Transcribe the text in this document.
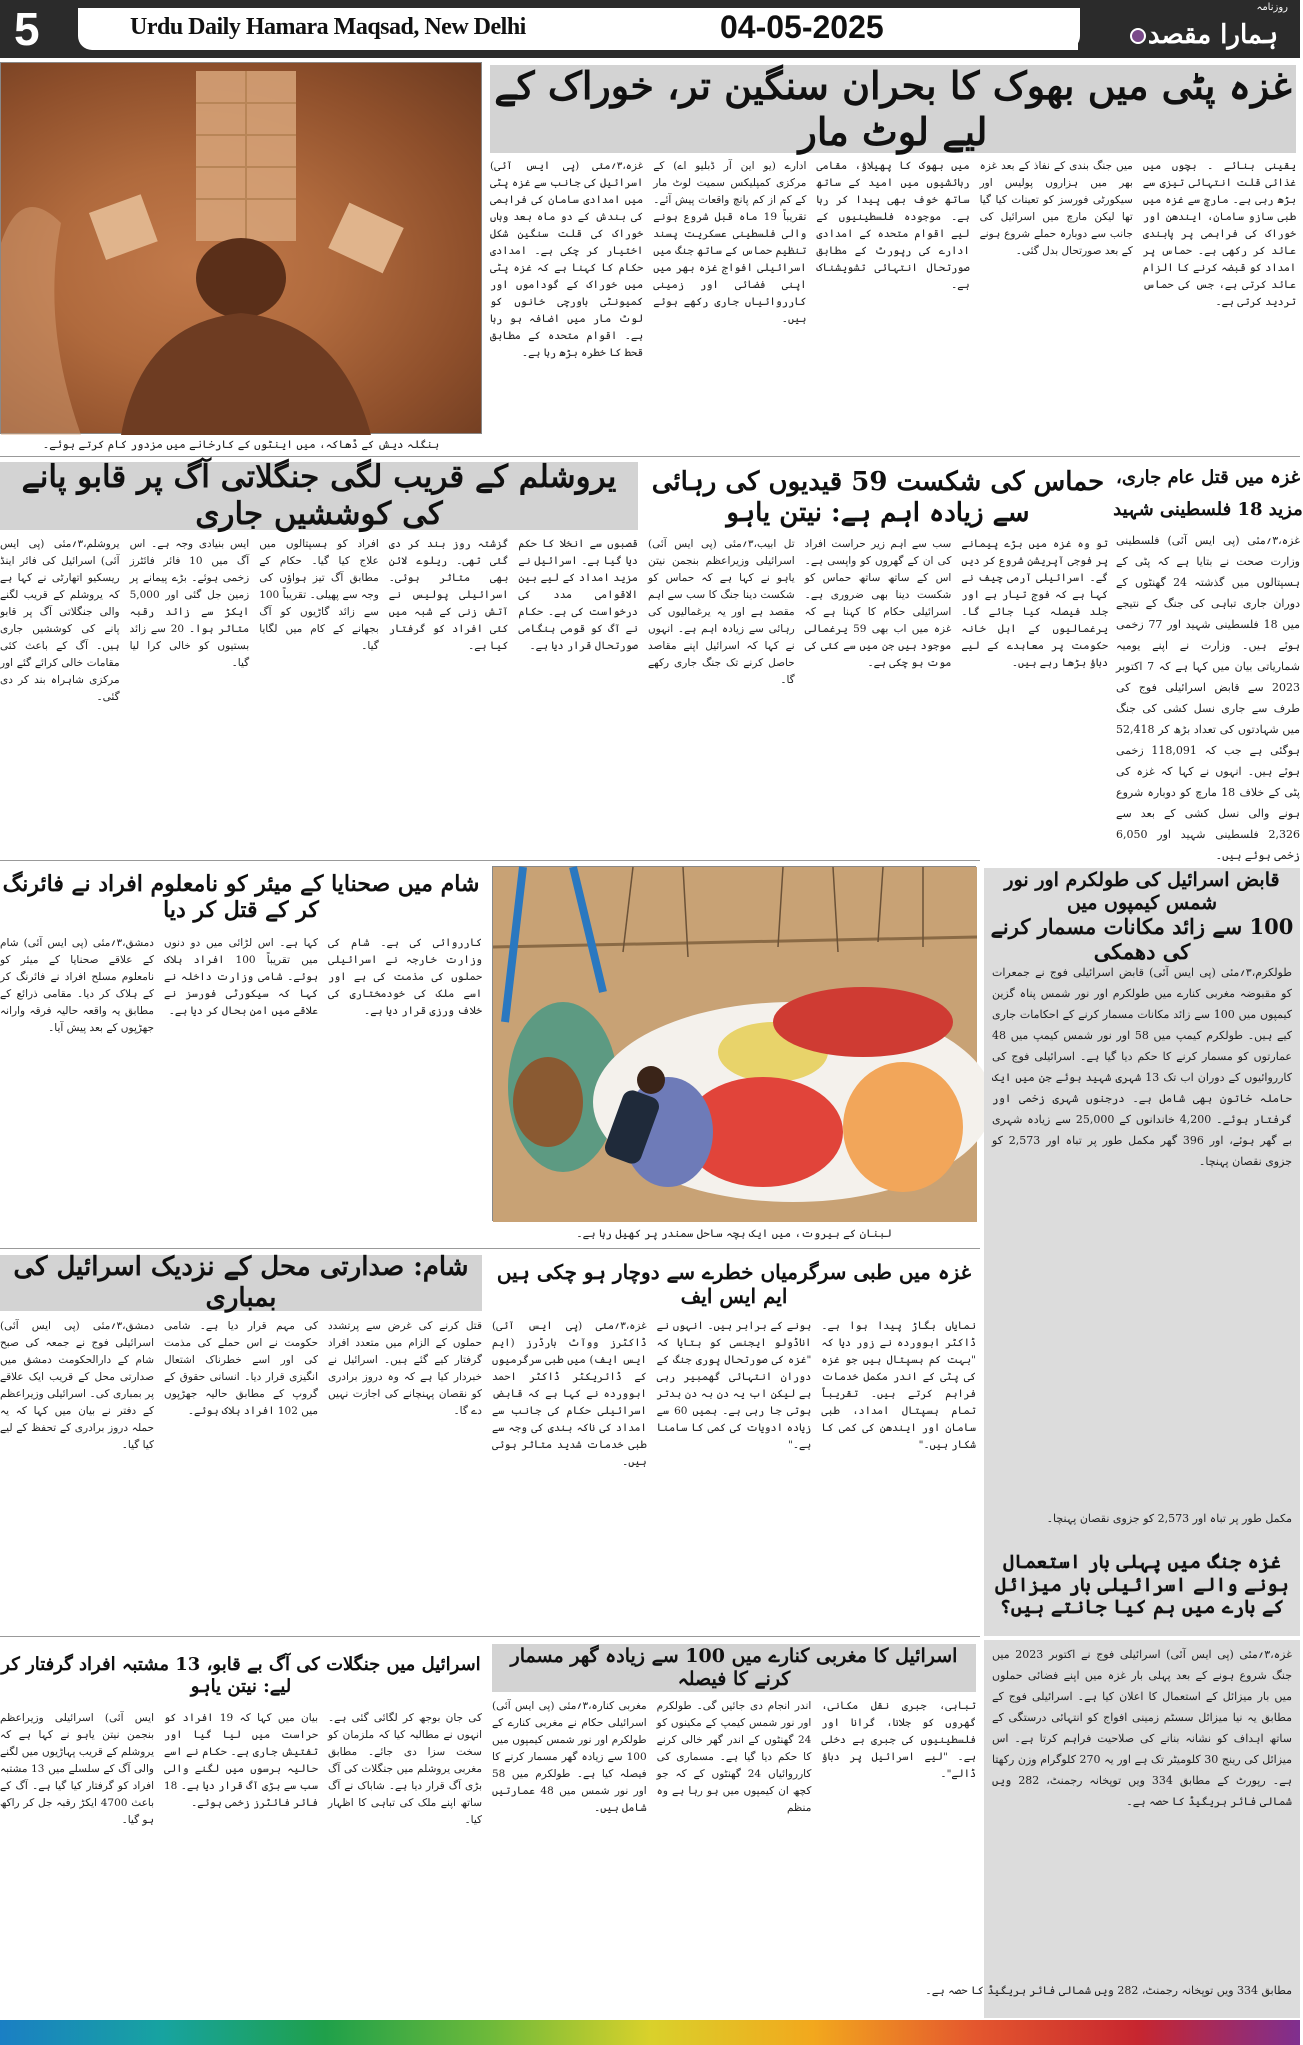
5	Urdu Daily Hamara Maqsad, New Delhi	04-05-2025
روزنامہ
ہمارا مقصد
بنگلہ دیش کے ڈھاکہ، میں اینٹوں کے کارخانے میں مزدور کام کرتے ہوئے۔
غزہ پٹی میں بھوک کا بحران سنگین تر، خوراک کے لیے لوٹ مار
غزہ،۳؍مئی (پی ایس آئی) اسرائیل کی جانب سے غزہ پٹی میں امدادی سامان کی فراہمی کی بندش کے دو ماہ بعد وہاں خوراک کی قلت سنگین شکل اختیار کر چکی ہے۔ امدادی حکام کا کہنا ہے کہ غزہ پٹی میں خوراک کے گوداموں اور کمیونٹی باورچی خانوں کو لوٹ مار میں اضافہ ہو رہا ہے۔ اقوام متحدہ کے مطابق قحط کا خطرہ بڑھ رہا ہے۔
ادارے (یو این آر ڈبلیو اے) کے مرکزی کمپلیکس سمیت لوٹ مار کے کم از کم پانچ واقعات پیش آئے۔ تقریباً 19 ماہ قبل شروع ہونے والی فلسطینی عسکریت پسند تنظیم حماس کے ساتھ جنگ میں اسرائیلی افواج غزہ بھر میں اپنی فضائی اور زمینی کارروائیاں جاری رکھے ہوئے ہیں۔
میں بھوک کا پھیلاؤ، مقامی رہائشیوں میں امید کے ساتھ ساتھ خوف بھی پیدا کر رہا ہے۔ موجودہ فلسطینیوں کے لیے اقوام متحدہ کے امدادی ادارے کی رپورٹ کے مطابق صورتحال انتہائی تشویشناک ہے۔
میں جنگ بندی کے نفاذ کے بعد غزہ بھر میں ہزاروں پولیس اور سیکورٹی فورسز کو تعینات کیا گیا تھا لیکن مارچ میں اسرائیل کی جانب سے دوبارہ حملے شروع ہونے کے بعد صورتحال بدل گئی۔
یقینی بنائے ۔ بچوں میں غذائی قلت انتہائی تیزی سے بڑھ رہی ہے۔ مارچ سے غزہ میں طبی سازو سامان، ایندھن اور خوراک کی فراہمی پر پابندی عائد کر رکھی ہے۔ حماس پر امداد کو قبضہ کرنے کا الزام عائد کرتی ہے، جس کی حماس تردید کرتی ہے۔
یروشلم کے قریب لگی جنگلاتی آگ پر قابو پانے کی کوششیں جاری
یروشلم،۳؍مئی (پی ایس آئی) اسرائیل کی فائر اینڈ ریسکیو اتھارٹی نے کہا ہے کہ یروشلم کے قریب لگنے والی جنگلاتی آگ پر قابو پانے کی کوششیں جاری ہیں۔ آگ کے باعث کئی مقامات خالی کرائے گئے اور مرکزی شاہراہ بند کر دی گئی۔
ایس بنیادی وجہ ہے۔ اس آگ میں 10 فائر فائٹرز زخمی ہوئے۔ بڑے پیمانے پر زمین جل گئی اور 5,000 ایکڑ سے زائد رقبہ متاثر ہوا۔ 20 سے زائد بستیوں کو خالی کرا لیا گیا۔
افراد کو ہسپتالوں میں علاج کیا گیا۔ حکام کے مطابق آگ تیز ہواؤں کی وجہ سے پھیلی۔ تقریباً 100 سے زائد گاڑیوں کو آگ بجھانے کے کام میں لگایا گیا۔
گزشتہ روز بند کر دی گئی تھی۔ ریلوے لائن بھی متاثر ہوئی۔ اسرائیلی پولیس نے آتش زنی کے شبہ میں کئی افراد کو گرفتار کیا ہے۔
قصبوں سے انخلا کا حکم دیا گیا ہے۔ اسرائیل نے مزید امداد کے لیے بین الاقوامی مدد کی درخواست کی ہے۔ حکام نے آگ کو قومی ہنگامی صورتحال قرار دیا ہے۔
حماس کی شکست 59 قیدیوں کی رہائی سے زیادہ اہم ہے: نیتن یاہو
تل ابیب،۳؍مئی (پی ایس آئی) اسرائیلی وزیراعظم بنجمن نیتن یاہو نے کہا ہے کہ حماس کو شکست دینا جنگ کا سب سے اہم مقصد ہے اور یہ یرغمالیوں کی رہائی سے زیادہ اہم ہے۔ انہوں نے کہا کہ اسرائیل اپنے مقاصد حاصل کرنے تک جنگ جاری رکھے گا۔
سب سے اہم زیر حراست افراد کی ان کے گھروں کو واپسی ہے۔ اس کے ساتھ ساتھ حماس کو شکست دینا بھی ضروری ہے۔ اسرائیلی حکام کا کہنا ہے کہ غزہ میں اب بھی 59 یرغمالی موجود ہیں جن میں سے کئی کی موت ہو چکی ہے۔
تو وہ غزہ میں بڑے پیمانے پر فوجی آپریشن شروع کر دیں گے۔ اسرائیلی آرمی چیف نے کہا ہے کہ فوج تیار ہے اور جلد فیصلہ کیا جائے گا۔ یرغمالیوں کے اہل خانہ حکومت پر معاہدے کے لیے دباؤ بڑھا رہے ہیں۔
غزہ میں قتل عام جاری،
مزید 18 فلسطینی شہید
غزہ،۳؍مئی (پی ایس آئی) فلسطینی وزارت صحت نے بتایا ہے کہ پٹی کے ہسپتالوں میں گذشتہ 24 گھنٹوں کے دوران جاری تباہی کی جنگ کے نتیجے میں 18 فلسطینی شہید اور 77 زخمی ہوئے ہیں۔ وزارت نے اپنے یومیہ شماریاتی بیان میں کہا ہے کہ 7 اکتوبر 2023 سے قابض اسرائیلی فوج کی طرف سے جاری نسل کشی کی جنگ میں شہادتوں کی تعداد بڑھ کر 52,418 ہوگئی ہے جب کہ 118,091 زخمی ہوئے ہیں۔ انہوں نے کہا کہ غزہ کی پٹی کے خلاف 18 مارچ کو دوبارہ شروع ہونے والی نسل کشی کے بعد سے 2,326 فلسطینی شہید اور 6,050 زخمی ہوئے ہیں۔
شام میں صحنایا کے میئر کو نامعلوم افراد نے فائرنگ کر کے قتل کر دیا
دمشق،۳؍مئی (پی ایس آئی) شام کے علاقے صحنایا کے میئر کو نامعلوم مسلح افراد نے فائرنگ کر کے ہلاک کر دیا۔ مقامی ذرائع کے مطابق یہ واقعہ حالیہ فرقہ وارانہ جھڑپوں کے بعد پیش آیا۔
کہا ہے۔ اس لڑائی میں دو دنوں میں تقریباً 100 افراد ہلاک ہوئے۔ شامی وزارت داخلہ نے کہا کہ سیکورٹی فورسز نے علاقے میں امن بحال کر دیا ہے۔
کارروائی کی ہے۔ شام کی وزارت خارجہ نے اسرائیلی حملوں کی مذمت کی ہے اور اسے ملک کی خودمختاری کی خلاف ورزی قرار دیا ہے۔
لبنان کے بیروت، میں ایک بچہ ساحل سمندر پر کھیل رہا ہے۔
قابض اسرائیل کی طولکرم اور نور شمس کیمپوں میں
100 سے زائد مکانات مسمار کرنے کی دھمکی
طولکرم،۳؍مئی (پی ایس آئی) قابض اسرائیلی فوج نے جمعرات کو مقبوضہ مغربی کنارے میں طولکرم اور نور شمس پناہ گزین کیمپوں میں 100 سے زائد مکانات مسمار کرنے کے احکامات جاری کیے ہیں۔ طولکرم کیمپ میں 58 اور نور شمس کیمپ میں 48 عمارتوں کو مسمار کرنے کا حکم دیا گیا ہے۔ اسرائیلی فوج کی کارروائیوں کے دوران اب تک 13 شہری شہید ہوئے جن میں ایک حاملہ خاتون بھی شامل ہے۔ درجنوں شہری زخمی اور گرفتار ہوئے۔ 4,200 خاندانوں کے 25,000 سے زیادہ شہری بے گھر ہوئے، اور 396 گھر مکمل طور پر تباہ اور 2,573 کو جزوی نقصان پہنچا۔
مکمل طور پر تباہ اور 2,573 کو جزوی نقصان پہنچا۔
غزہ جنگ میں پہلی بار استعمال ہونے والے اسرائیلی بار میزائل کے بارے میں ہم کیا جانتے ہیں؟
غزہ،۳؍مئی (پی ایس آئی) اسرائیلی فوج نے اکتوبر 2023 میں جنگ شروع ہونے کے بعد پہلی بار غزہ میں اپنے فضائی حملوں میں بار میزائل کے استعمال کا اعلان کیا ہے۔ اسرائیلی فوج کے مطابق یہ نیا میزائل سسٹم زمینی افواج کو انتہائی درستگی کے ساتھ اہداف کو نشانہ بنانے کی صلاحیت فراہم کرتا ہے۔ اس میزائل کی رینج 30 کلومیٹر تک ہے اور یہ 270 کلوگرام وزن رکھتا ہے۔ رپورٹ کے مطابق 334 ویں توپخانہ رجمنٹ، 282 ویں شمالی فائر بریگیڈ کا حصہ ہے۔
مطابق 334 ویں توپخانہ رجمنٹ، 282 ویں شمالی فائر بریگیڈ کا حصہ ہے۔
شام: صدارتی محل کے نزدیک اسرائیل کی بمباری
دمشق،۳؍مئی (پی ایس آئی) اسرائیلی فوج نے جمعہ کی صبح شام کے دارالحکومت دمشق میں صدارتی محل کے قریب ایک علاقے پر بمباری کی۔ اسرائیلی وزیراعظم کے دفتر نے بیان میں کہا کہ یہ حملہ دروز برادری کے تحفظ کے لیے کیا گیا۔
کی مہم قرار دیا ہے۔ شامی حکومت نے اس حملے کی مذمت کی اور اسے خطرناک اشتعال انگیزی قرار دیا۔ انسانی حقوق کے گروپ کے مطابق حالیہ جھڑپوں میں 102 افراد ہلاک ہوئے۔
قتل کرنے کی غرض سے پرتشدد حملوں کے الزام میں متعدد افراد گرفتار کیے گئے ہیں۔ اسرائیل نے خبردار کیا ہے کہ وہ دروز برادری کو نقصان پہنچانے کی اجازت نہیں دے گا۔
غزہ میں طبی سرگرمیاں خطرے سے دوچار ہو چکی ہیں ایم ایس ایف
غزہ،۳؍مئی (پی ایس آئی) ڈاکٹرز ووآٹ بارڈرز (ایم ایس ایف) میں طبی سرگرمیوں کے ڈائریکٹر ڈاکٹر احمد ابوورده نے کہا ہے کہ قابض اسرائیلی حکام کی جانب سے امداد کی ناکہ بندی کی وجہ سے طبی خدمات شدید متاثر ہوئی ہیں۔
ہونے کے برابر ہیں۔ انہوں نے اناڈولو ایجنسی کو بتایا کہ "غزہ کی صورتحال پوری جنگ کے دوران انتہائی گھمبیر رہی ہے لیکن اب یہ دن بہ دن بدتر ہوتی جا رہی ہے۔ ہمیں 60 سے زیادہ ادویات کی کمی کا سامنا ہے۔"
نمایاں بگاڑ پیدا ہوا ہے۔ ڈاکٹر ابوورده نے زور دیا کہ "بہت کم ہسپتال ہیں جو غزہ کی پٹی کے اندر مکمل خدمات فراہم کرتے ہیں۔ تقریباً تمام ہسپتال امداد، طبی سامان اور ایندھن کی کمی کا شکار ہیں۔"
اسرائیل میں جنگلات کی آگ بے قابو، 13 مشتبہ افراد گرفتار کر لیے: نیتن یاہو
ایس آئی) اسرائیلی وزیراعظم بنجمن نیتن یاہو نے کہا ہے کہ یروشلم کے قریب پہاڑیوں میں لگنے والی آگ کے سلسلے میں 13 مشتبہ افراد کو گرفتار کیا گیا ہے۔ آگ کے باعث 4700 ایکڑ رقبہ جل کر راکھ ہو گیا۔
بیان میں کہا کہ 19 افراد کو حراست میں لیا گیا اور تفتیش جاری ہے۔ حکام نے اسے حالیہ برسوں میں لگنے والی سب سے بڑی آگ قرار دیا ہے۔ 18 فائر فائٹرز زخمی ہوئے۔
کی جان بوجھ کر لگائی گئی ہے۔ انہوں نے مطالبہ کیا کہ ملزمان کو سخت سزا دی جائے۔ مطابق مغربی یروشلم میں جنگلات کی آگ بڑی آگ قرار دیا ہے۔ شاباک نے آگ ساتھ اپنے ملک کی تباہی کا اظہار کیا۔
اسرائیل کا مغربی کنارے میں 100 سے زیادہ گھر مسمار کرنے کا فیصلہ
مغربی کنارہ،۳؍مئی (پی ایس آئی) اسرائیلی حکام نے مغربی کنارے کے طولکرم اور نور شمس کیمپوں میں 100 سے زیادہ گھر مسمار کرنے کا فیصلہ کیا ہے۔ طولکرم میں 58 اور نور شمس میں 48 عمارتیں شامل ہیں۔
اندر انجام دی جائیں گی۔ طولکرم اور نور شمس کیمپ کے مکینوں کو 24 گھنٹوں کے اندر گھر خالی کرنے کا حکم دیا گیا ہے۔ مسماری کی کارروائیاں 24 گھنٹوں کے کہ جو کچھ ان کیمپوں میں ہو رہا ہے وہ منظم
تباہی، جبری نقل مکانی، گھروں کو جلانا، گرانا اور فلسطینیوں کی جبری بے دخلی ہے۔ "لیے اسرائیل پر دباؤ ڈالے"۔
